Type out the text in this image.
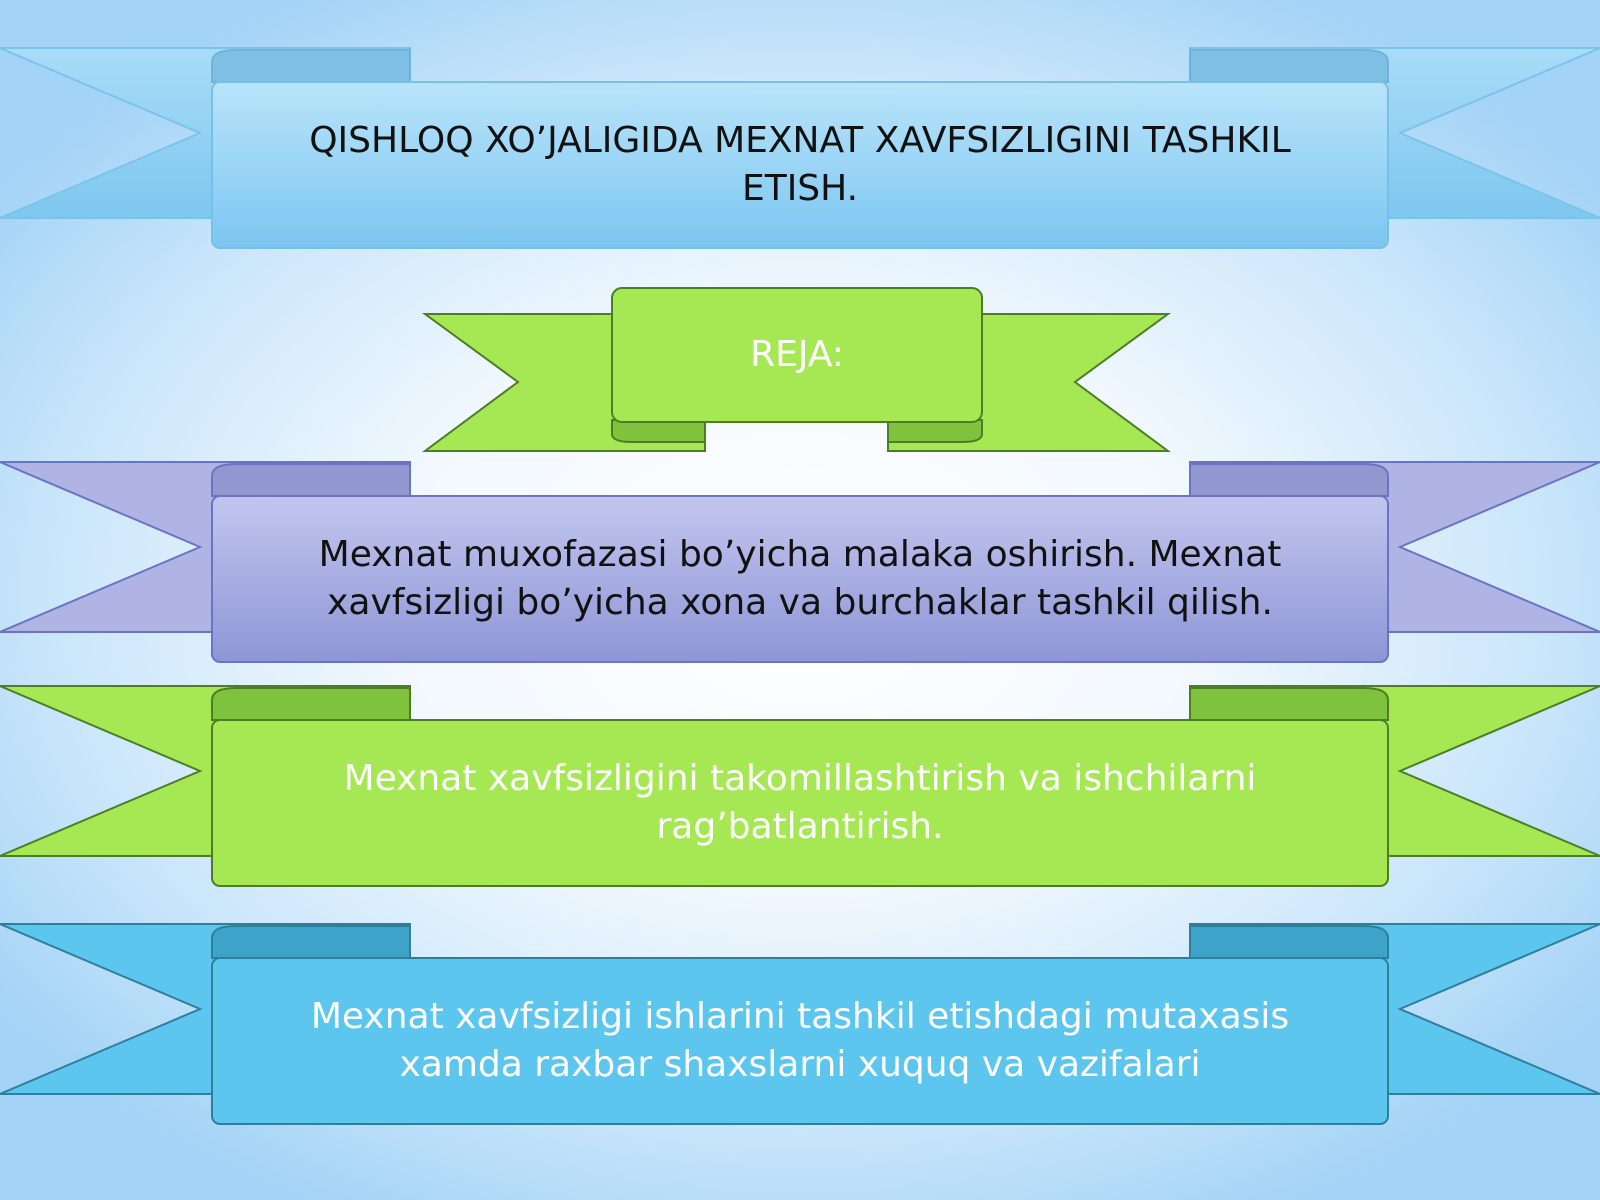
QISHLOQ XO’JALIGIDA MEXNAT XAVFSIZLIGINI TASHKIL ETISH.
REJA:
Mexnat muxofazasi bo’yicha malaka oshirish. Mexnat xavfsizligi bo’yicha xona va burchaklar tashkil qilish.
Mexnat xavfsizligini takomillashtirish va ishchilarni rag’batlantirish.
Mexnat xavfsizligi ishlarini tashkil etishdagi mutaxasis xamda raxbar shaxslarni xuquq va vazifalari
